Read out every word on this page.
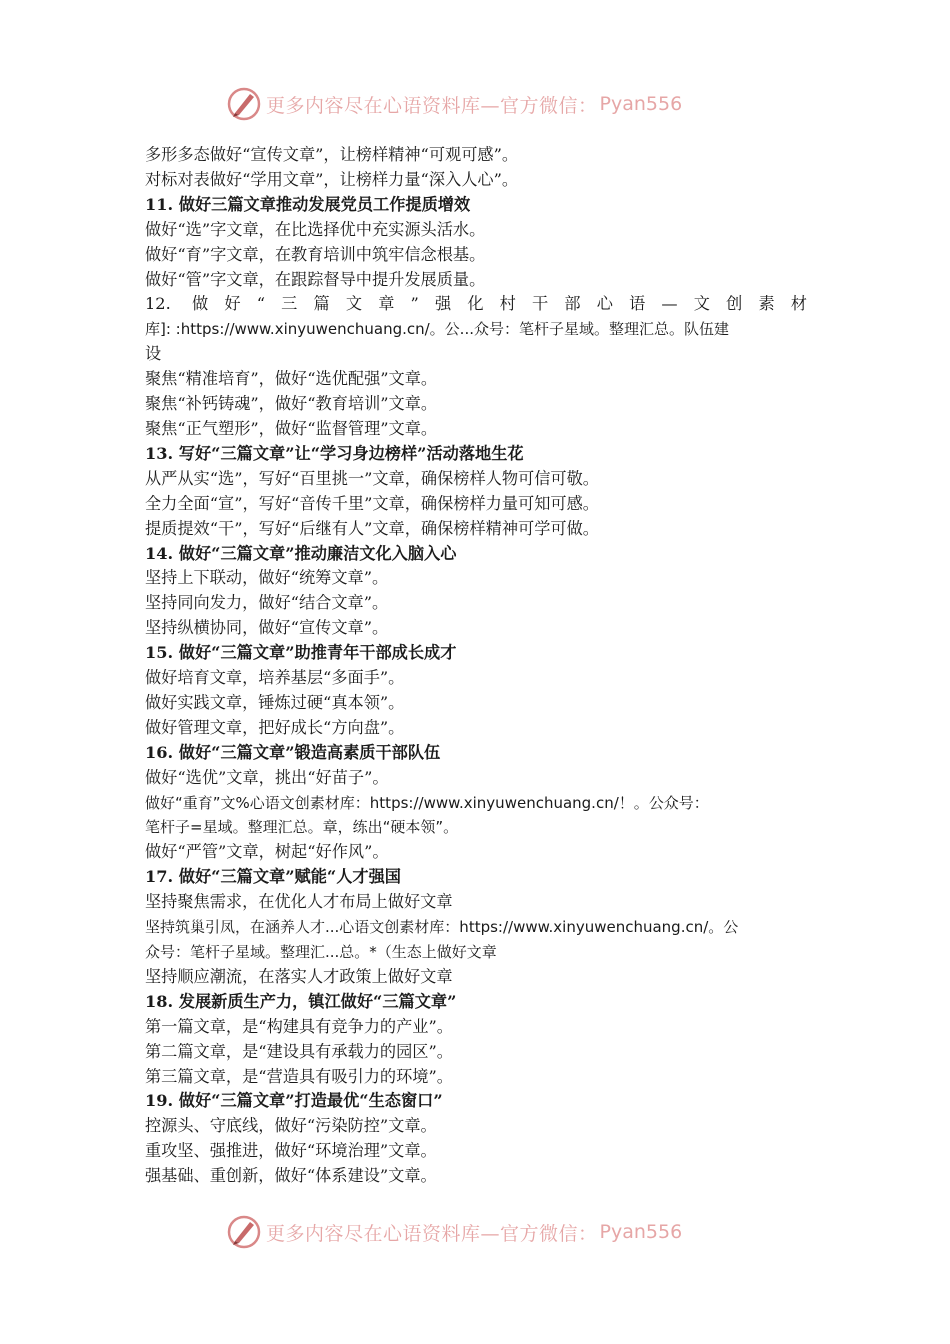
更多内容尽在心语资料库—官方微信： Pyan556
多形多态做好“宣传文章”，让榜样精神“可观可感”。
对标对表做好“学用文章”，让榜样力量“深入人心”。
11. 做好三篇文章推动发展党员工作提质增效
做好“选”字文章，在比选择优中充实源头活水。
做好“育”字文章，在教育培训中筑牢信念根基。
做好“管”字文章，在跟踪督导中提升发展质量。
12. 做好“三篇文章”强化村干部心语—文创素材
库]: :https://www.xinyuwenchuang.cn/。公...众号：笔杆子星域。整理汇总。队伍建
设
聚焦“精准培育”，做好“选优配强”文章。
聚焦“补钙铸魂”，做好“教育培训”文章。
聚焦“正气塑形”，做好“监督管理”文章。
13. 写好“三篇文章”让“学习身边榜样”活动落地生花
从严从实“选”，写好“百里挑一”文章，确保榜样人物可信可敬。
全力全面“宣”，写好“音传千里”文章，确保榜样力量可知可感。
提质提效“干”，写好“后继有人”文章，确保榜样精神可学可做。
14. 做好“三篇文章”推动廉洁文化入脑入心
坚持上下联动，做好“统筹文章”。
坚持同向发力，做好“结合文章”。
坚持纵横协同，做好“宣传文章”。
15. 做好“三篇文章”助推青年干部成长成才
做好培育文章，培养基层“多面手”。
做好实践文章，锤炼过硬“真本领”。
做好管理文章，把好成长“方向盘”。
16. 做好“三篇文章”锻造高素质干部队伍
做好“选优”文章，挑出“好苗子”。
做好“重育”文%心语文创素材库：https://www.xinyuwenchuang.cn/！。公众号：
笔杆子=星域。整理汇总。章，练出“硬本领”。
做好“严管”文章，树起“好作风”。
17. 做好“三篇文章”赋能“人才强国
坚持聚焦需求，在优化人才布局上做好文章
坚持筑巢引凤，在涵养人才...心语文创素材库：https://www.xinyuwenchuang.cn/。公
众号：笔杆子星域。整理汇...总。*（生态上做好文章
坚持顺应潮流，在落实人才政策上做好文章
18. 发展新质生产力，镇江做好“三篇文章”
第一篇文章，是“构建具有竞争力的产业”。
第二篇文章，是“建设具有承载力的园区”。
第三篇文章，是“营造具有吸引力的环境”。
19. 做好“三篇文章”打造最优“生态窗口”
控源头、守底线，做好“污染防控”文章。
重攻坚、强推进，做好“环境治理”文章。
强基础、重创新，做好“体系建设”文章。
更多内容尽在心语资料库—官方微信： Pyan556
